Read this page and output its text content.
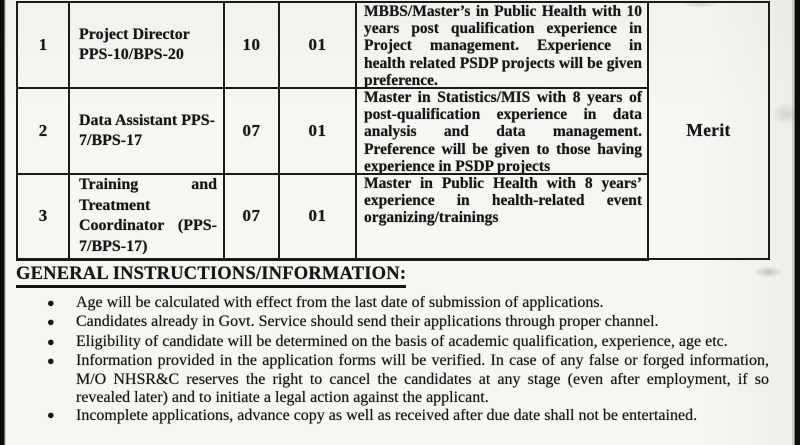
1	Project Director PPS-10/BPS-20	10	01	MBBS/Master’s in Public Health with 10 years post qualification experience in Project management. Experience in health related PSDP projects will be given preference.	Merit
2	Data Assistant PPS-7/BPS-17	07	01	Master in Statistics/MIS with 8 years of post-qualification experience in data analysis and data management. Preference will be given to those having experience in PSDP projects	

3	Training and Treatment Coordinator (PPS-7/BPS-17)	07	01	Master in Public Health with 8 years’ experience in health-related event organizing/trainings	
GENERAL INSTRUCTIONS/INFORMATION:
● Age will be calculated with effect from the last date of submission of applications.
● Candidates already in Govt. Service should send their applications through proper channel.
● Eligibility of candidate will be determined on the basis of academic qualification, experience, age etc.
● Information provided in the application forms will be verified. In case of any false or forged information, M/O NHSR&C reserves the right to cancel the candidates at any stage (even after employment, if so revealed later) and to initiate a legal action against the applicant.
● Incomplete applications, advance copy as well as received after due date shall not be entertained.
